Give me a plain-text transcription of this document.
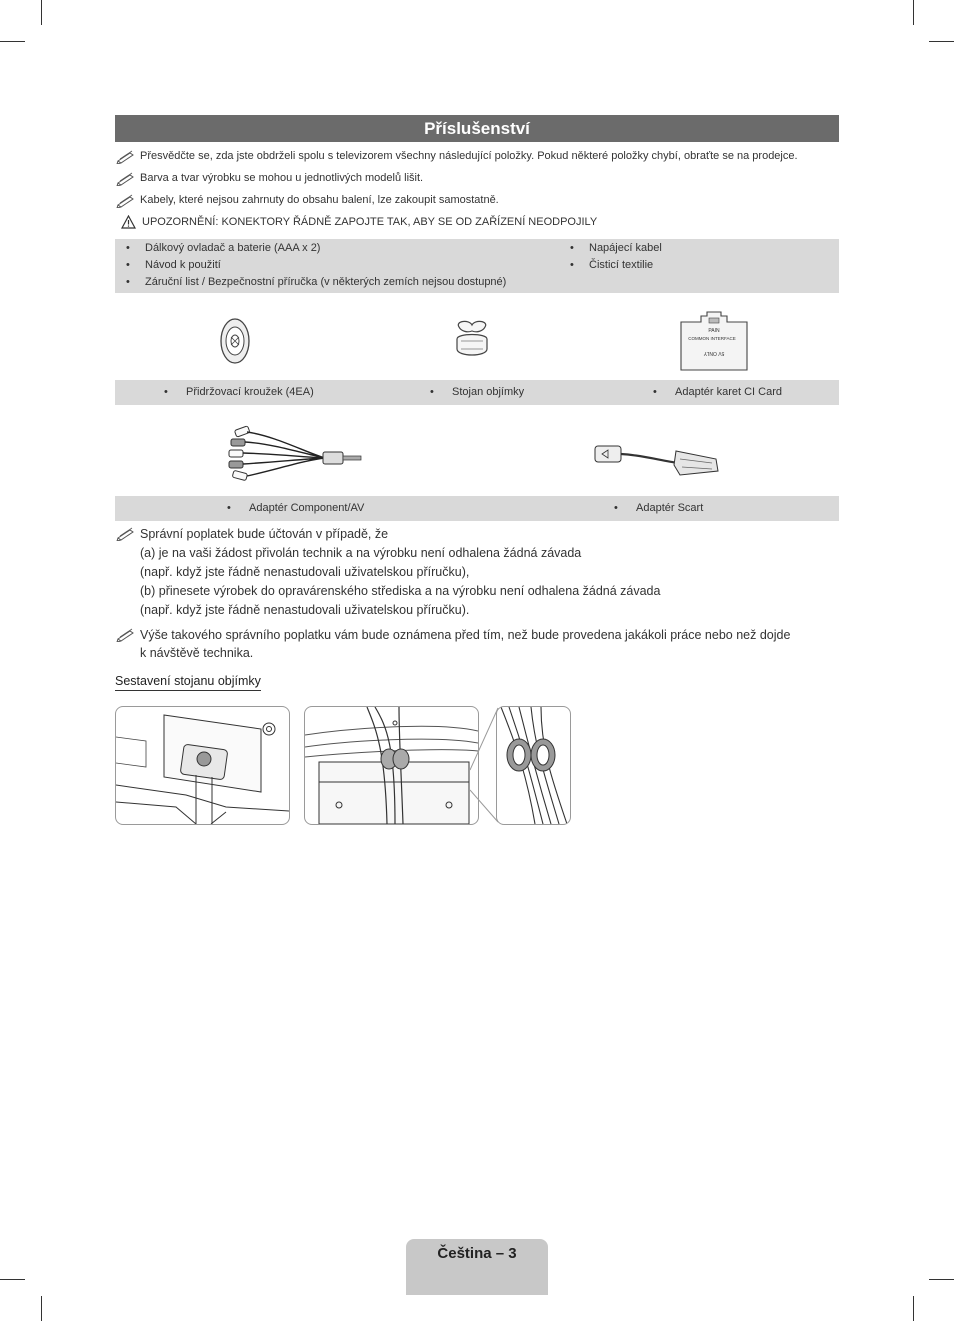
Příslušenství
Přesvědčte se, zda jste obdrželi spolu s televizorem všechny následující položky. Pokud některé položky chybí, obraťte se na prodejce.
Barva a tvar výrobku se mohou u jednotlivých modelů lišit.
Kabely, které nejsou zahrnuty do obsahu balení, lze zakoupit samostatně.
UPOZORNĚNÍ: KONEKTORY ŘÁDNĚ ZAPOJTE TAK, ABY SE OD ZAŘÍZENÍ NEODPOJILY
• Dálkový ovladač a baterie (AAA x 2)
• Návod k použití
• Záruční list / Bezpečnostní příručka (v některých zemích nejsou dostupné)
• Napájecí kabel
• Čisticí textilie
PAIN
COMMON INTERFACE
5V ONLY
• Přidržovací kroužek (4EA)	• Stojan objímky	• Adaptér karet CI Card
• Adaptér Component/AV	• Adaptér Scart
Správní poplatek bude účtován v případě, že
(a) je na vaši žádost přivolán technik a na výrobku není odhalena žádná závada
(např. když jste řádně nenastudovali uživatelskou příručku),
(b) přinesete výrobek do opravárenského střediska a na výrobku není odhalena žádná závada
(např. když jste řádně nenastudovali uživatelskou příručku).
Výše takového správního poplatku vám bude oznámena před tím, než bude provedena jakákoli práce nebo než dojde
k návštěvě technika.
Sestavení stojanu objímky
Čeština – 3
